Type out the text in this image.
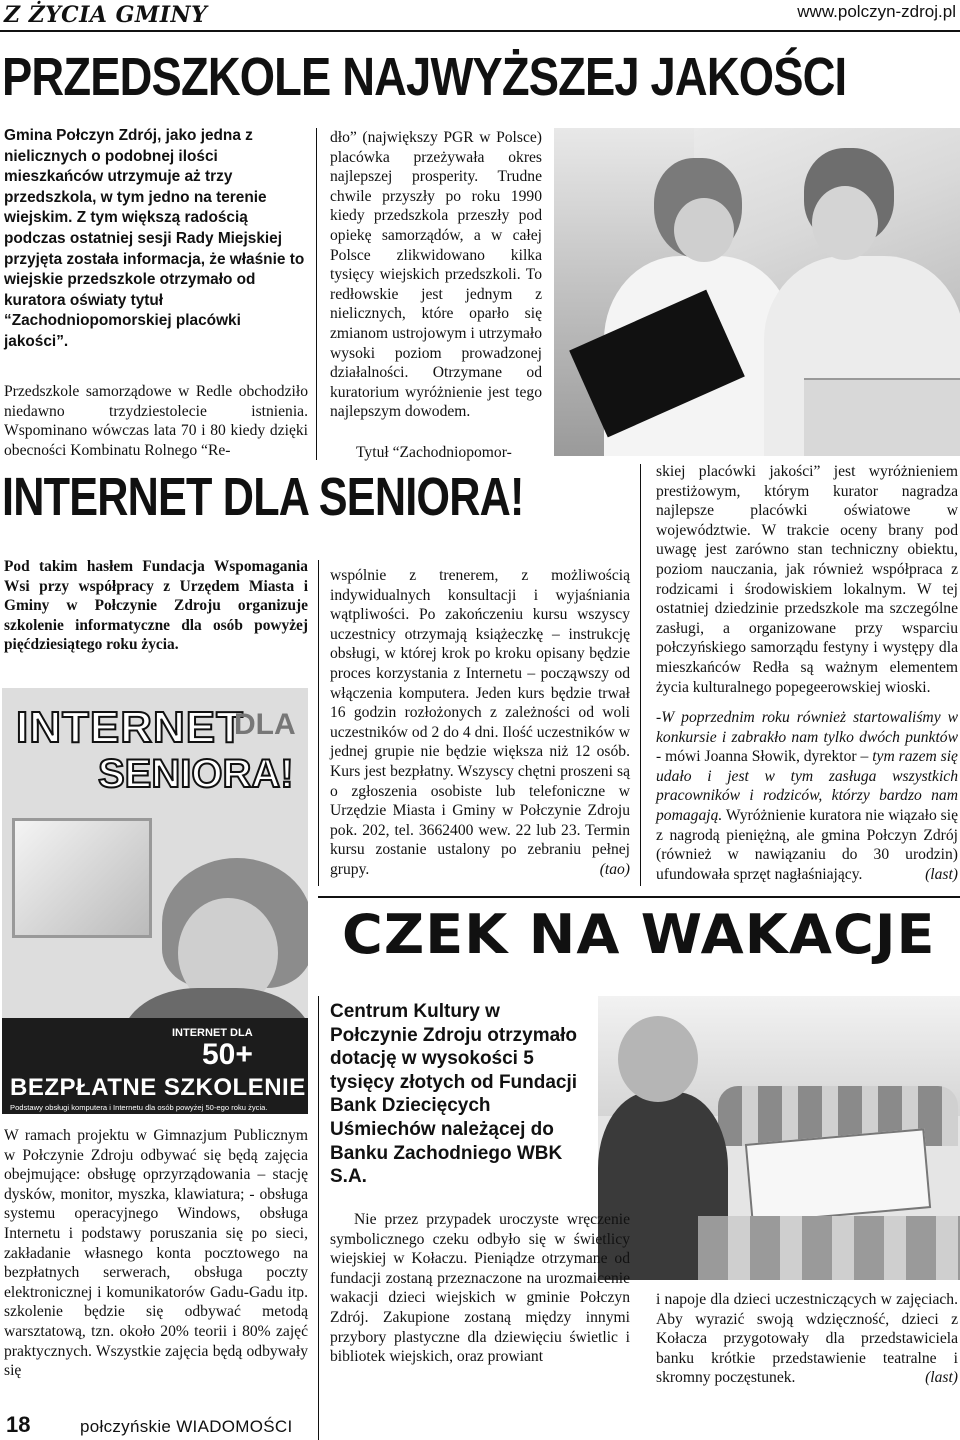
Z ŻYCIA GMINY	www.polczyn-zdroj.pl
PRZEDSZKOLE NAJWYŻSZEJ JAKOŚCI

Gmina Połczyn Zdrój, jako jedna z nielicznych o podobnej ilości mieszkańców utrzymuje aż trzy przedszkola, w tym jedno na terenie wiejskim. Z tym większą radością podczas ostatniej sesji Rady Miejskiej przyjęta została informacja, że właśnie to wiejskie przedszkole otrzymało od kuratora oświaty tytuł “Zachodniopomorskiej placówki jakości”.

Przedszkole samorządowe w Redle obchodziło niedawno trzydziestolecie istnienia. Wspominano wówczas lata 70 i 80 kiedy dzięki obecności Kombinatu Rolnego “Re-

dło” (największy PGR w Polsce) placówka przeżywała okres najlepszej prosperity. Trudne chwile przyszły po roku 1990 kiedy przedszkola przeszły pod opiekę samorządów, a w całej Polsce zlikwidowano kilka tysięcy wiejskich przedszkoli. To redłowskie jest jednym z nielicznych, które oparło się zmianom ustrojowym i utrzymało wysoki poziom prowadzonej działalności. Otrzymane od kuratorium wyróżnienie jest tego najlepszym dowodem.

Tytuł “Zachodniopomor-

skiej placówki jakości” jest wyróżnieniem prestiżowym, którym kurator nagradza najlepsze placówki oświatowe w województwie. W trakcie oceny brany pod uwagę jest zarówno stan techniczny obiektu, poziom nauczania, jak również współpraca z rodzicami i środowiskiem lokalnym. W tej ostatniej dziedzinie przedszkole ma szczególne zasługi, a organizowane przy wsparciu połczyńskiego samorządu festyny i występy dla mieszkańców Redła są ważnym elementem życia kulturalnego popegeerowskiej wioski.

-W poprzednim roku również startowaliśmy w konkursie i zabrakło nam tylko dwóch punktów - mówi Joanna Słowik, dyrektor – tym razem się udało i jest w tym zasługa wszystkich pracowników i rodziców, którzy bardzo nam pomagają. Wyróżnienie kuratora nie wiązało się z nagrodą pieniężną, ale gmina Połczyn Zdrój (również w nawiązaniu do 30 urodzin) ufundowała sprzęt nagłaśniający.	(last)

INTERNET DLA SENIORA!

Pod takim hasłem Fundacja Wspomagania Wsi przy współpracy z Urzędem Miasta i Gminy w Połczynie Zdroju organizuje szkolenie informatyczne dla osób powyżej pięćdziesiątego roku życia.

INTERNET
DLA
SENIORA!
INTERNET DLA
50+
BEZPŁATNE SZKOLENIE
Podstawy obsługi komputera i Internetu dla osób powyżej 50-ego roku życia.

W ramach projektu w Gimnazjum Publicznym w Połczynie Zdroju odbywać się będą zajęcia obejmujące: obsługę oprzyrządowania – stację dysków, monitor, myszka, klawiatura; - obsługa systemu operacyjnego Windows, obsługa Internetu i podstawy poruszania się po sieci, zakładanie własnego konta pocztowego na bezpłatnych serwerach, obsługa poczty elektronicznej i komunikatorów Gadu-Gadu itp. szkolenie będzie się odbywać metodą warsztatową, tzn. około 20% teorii i 80% zajęć praktycznych. Wszystkie zajęcia będą odbywały się

wspólnie z trenerem, z możliwością indywidualnych konsultacji i wyjaśniania wątpliwości. Po zakończeniu kursu wszyscy uczestnicy otrzymają książeczkę – instrukcję obsługi, w której krok po kroku opisany będzie proces korzystania z Internetu – począwszy od włączenia komputera. Jeden kurs będzie trwał 16 godzin rozłożonych z zależności od woli uczestników od 2 do 4 dni. Ilość uczestników w jednej grupie nie będzie większa niż 12 osób. Kurs jest bezpłatny. Wszyscy chętni proszeni są o zgłoszenia osobiste lub telefoniczne w Urzędzie Miasta i Gminy w Połczynie Zdroju pok. 202, tel. 3662400 wew. 22 lub 23. Termin kursu zostanie ustalony po zebraniu pełnej grupy.	(tao)

CZEK NA WAKACJE

Centrum Kultury w Połczynie Zdroju otrzymało dotację w wysokości 5 tysięcy złotych od Fundacji Bank Dziecięcych Uśmiechów należącej do Banku Zachodniego WBK S.A.

Nie przez przypadek uroczyste wręczenie symbolicznego czeku odbyło się w świetlicy wiejskiej w Kołaczu. Pieniądze otrzymane od fundacji zostaną przeznaczone na urozmaicenie wakacji dzieci wiejskich w gminie Połczyn Zdrój. Zakupione zostaną między innymi przybory plastyczne dla dziewięciu świetlic i bibliotek wiejskich, oraz prowiant

i napoje dla dzieci uczestniczących w zajęciach. Aby wyrazić swoją wdzięczność, dzieci z Kołacza przygotowały dla przedstawiciela banku krótkie przedstawienie teatralne i skromny poczęstunek.	(last)

18	połczyńskie WIADOMOŚCI
